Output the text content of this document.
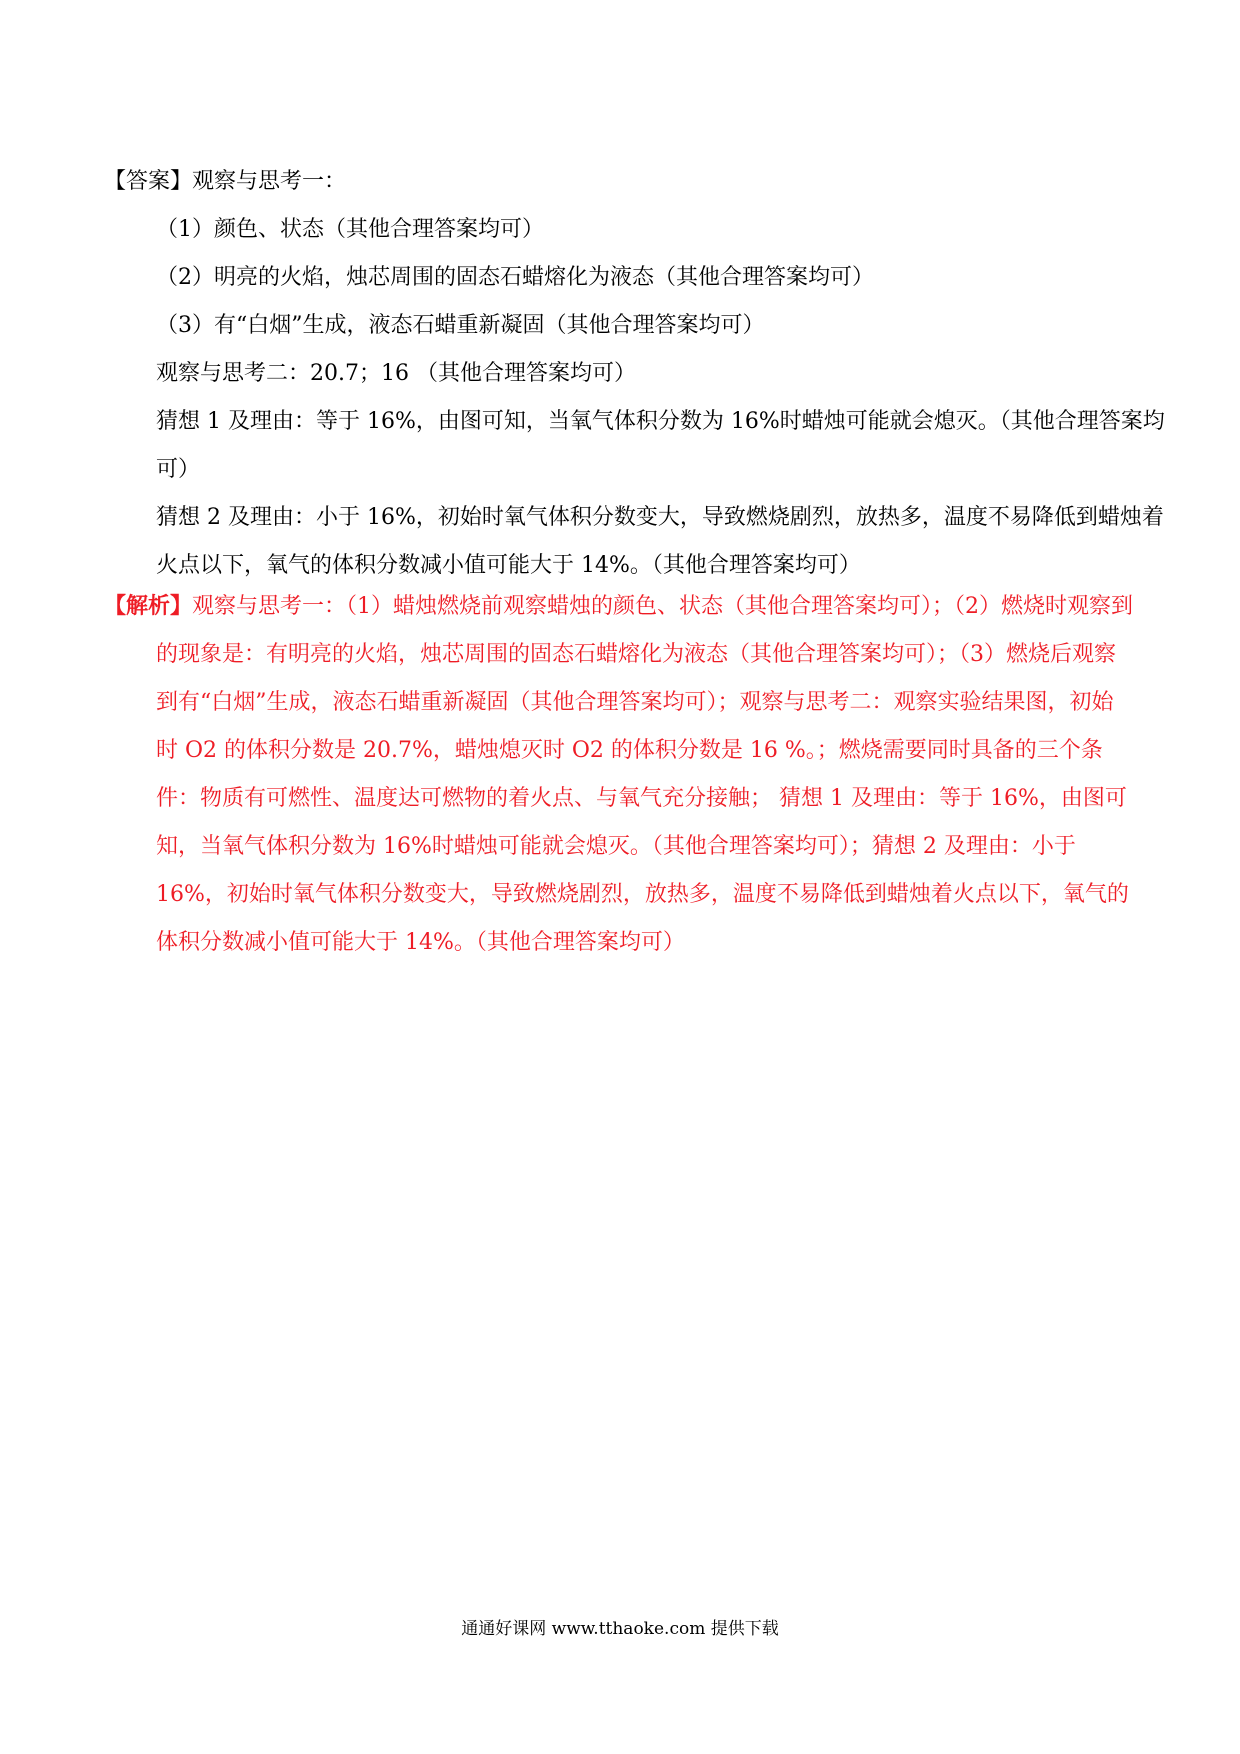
【答案】观察与思考一：
（1）颜色、状态（其他合理答案均可）
（2）明亮的火焰，烛芯周围的固态石蜡熔化为液态（其他合理答案均可）
（3）有“白烟”生成，液态石蜡重新凝固（其他合理答案均可）
观察与思考二：20.7；16 （其他合理答案均可）
猜想 1 及理由：等于 16%，由图可知，当氧气体积分数为 16%时蜡烛可能就会熄灭。（其他合理答案均
可）
猜想 2 及理由：小于 16%，初始时氧气体积分数变大，导致燃烧剧烈，放热多，温度不易降低到蜡烛着
火点以下，氧气的体积分数减小值可能大于 14%。（其他合理答案均可）
【解析】观察与思考一：（1）蜡烛燃烧前观察蜡烛的颜色、状态（其他合理答案均可）；（2）燃烧时观察到的现象是：有明亮的火焰，烛芯周围的固态石蜡熔化为液态（其他合理答案均可）；（3）燃烧后观察到有“白烟”生成，液态石蜡重新凝固（其他合理答案均可）；观察与思考二：观察实验结果图，初始时 O2 的体积分数是 20.7%，蜡烛熄灭时 O2 的体积分数是 16 %。；燃烧需要同时具备的三个条件：物质有可燃性、温度达可燃物的着火点、与氧气充分接触； 猜想 1 及理由：等于 16%，由图可知，当氧气体积分数为 16%时蜡烛可能就会熄灭。（其他合理答案均可）；猜想 2 及理由：小于 16%，初始时氧气体积分数变大，导致燃烧剧烈，放热多，温度不易降低到蜡烛着火点以下，氧气的体积分数减小值可能大于 14%。（其他合理答案均可）
通通好课网 www.tthaoke.com 提供下载
